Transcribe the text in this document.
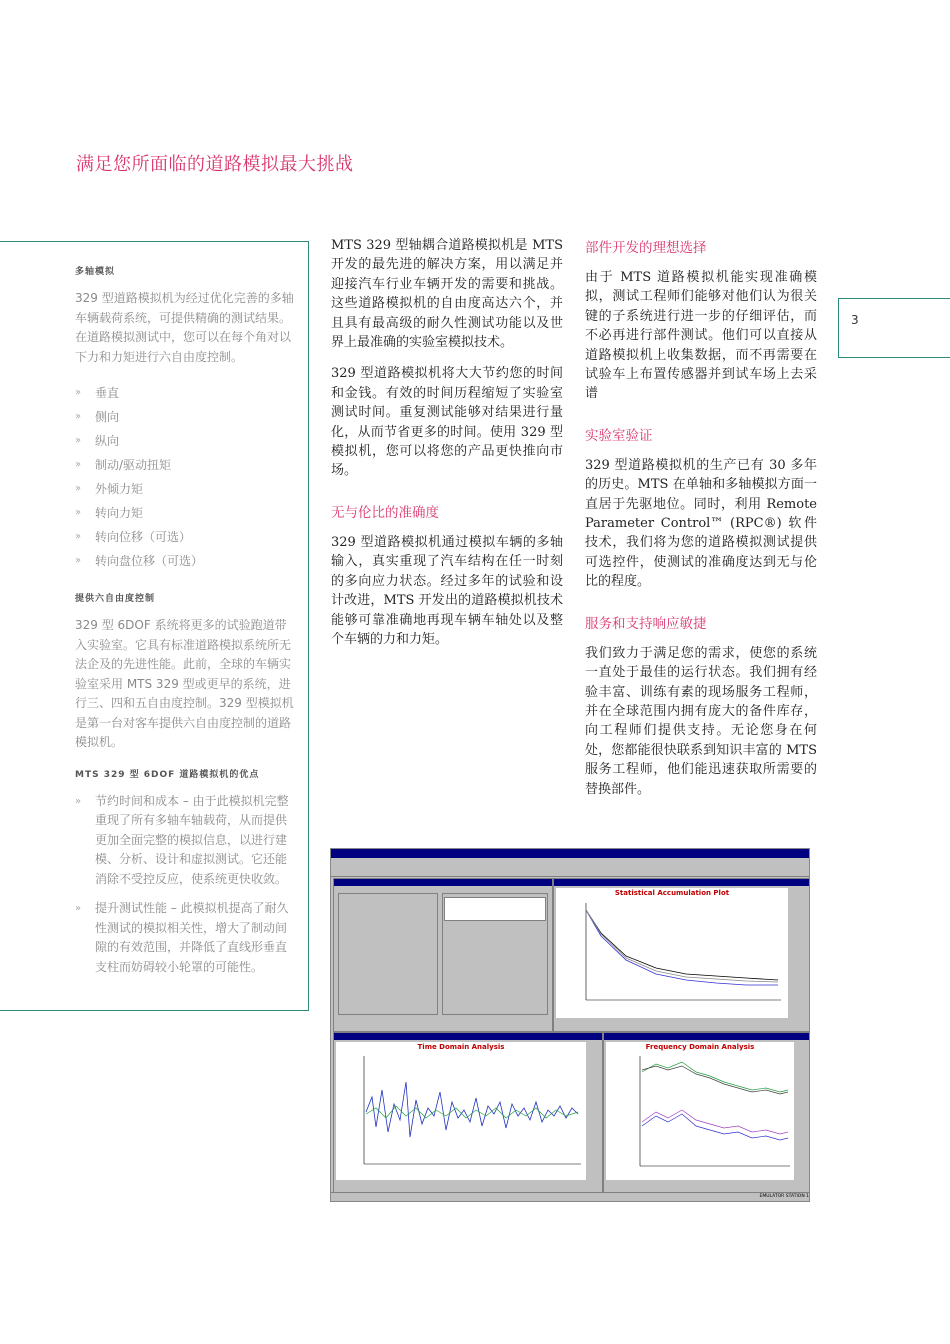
满足您所面临的道路模拟最大挑战
多轴模拟

329 型道路模拟机为经过优化完善的多轴车辆载荷系统，可提供精确的测试结果。在道路模拟测试中，您可以在每个角对以下力和力矩进行六自由度控制。

» 垂直
» 侧向
» 纵向
» 制动/驱动扭矩
» 外倾力矩
» 转向力矩
» 转向位移（可选）
» 转向盘位移（可选）
提供六自由度控制

329 型 6DOF 系统将更多的试验跑道带入实验室。它具有标准道路模拟系统所无法企及的先进性能。此前，全球的车辆实验室采用 MTS 329 型或更早的系统，进行三、四和五自由度控制。329 型模拟机是第一台对客车提供六自由度控制的道路模拟机。

MTS 329 型 6DOF 道路模拟机的优点
» 节约时间和成本 – 由于此模拟机完整重现了所有多轴车轴载荷，从而提供更加全面完整的模拟信息，以进行建模、分析、设计和虚拟测试。它还能消除不受控反应，使系统更快收敛。
» 提升测试性能 – 此模拟机提高了耐久性测试的模拟相关性，增大了制动间隙的有效范围，并降低了直线形垂直支柱而妨碍较小轮罩的可能性。

MTS 329 型轴耦合道路模拟机是 MTS 开发的最先进的解决方案，用以满足并迎接汽车行业车辆开发的需要和挑战。这些道路模拟机的自由度高达六个，并且具有最高级的耐久性测试功能以及世界上最准确的实验室模拟技术。

329 型道路模拟机将大大节约您的时间和金钱。有效的时间历程缩短了实验室测试时间。重复测试能够对结果进行量化，从而节省更多的时间。使用 329 型模拟机，您可以将您的产品更快推向市场。

无与伦比的准确度

329 型道路模拟机通过模拟车辆的多轴输入，真实重现了汽车结构在任一时刻的多向应力状态。经过多年的试验和设计改进，MTS 开发出的道路模拟机技术能够可靠准确地再现车辆车轴处以及整个车辆的力和力矩。

部件开发的理想选择

由于 MTS 道路模拟机能实现准确模拟，测试工程师们能够对他们认为很关键的子系统进行进一步的仔细评估，而不必再进行部件测试。他们可以直接从道路模拟机上收集数据，而不再需要在试验车上布置传感器并到试车场上去采谱

实验室验证

329 型道路模拟机的生产已有 30 多年的历史。MTS 在单轴和多轴模拟方面一直居于先驱地位。同时，利用 Remote Parameter Control™ (RPC®) 软件技术，我们将为您的道路模拟测试提供可选控件，使测试的准确度达到无与伦比的程度。

服务和支持响应敏捷

我们致力于满足您的需求，使您的系统一直处于最佳的运行状态。我们拥有经验丰富、训练有素的现场服务工程师，并在全球范围内拥有庞大的备件库存，向工程师们提供支持。无论您身在何处，您都能很快联系到知识丰富的 MTS 服务工程师，他们能迅速获取所需要的替换部件。

3
Statistical Accumulation Plot
Time Domain Analysis	Frequency Domain Analysis
EMULATOR STATION 1
